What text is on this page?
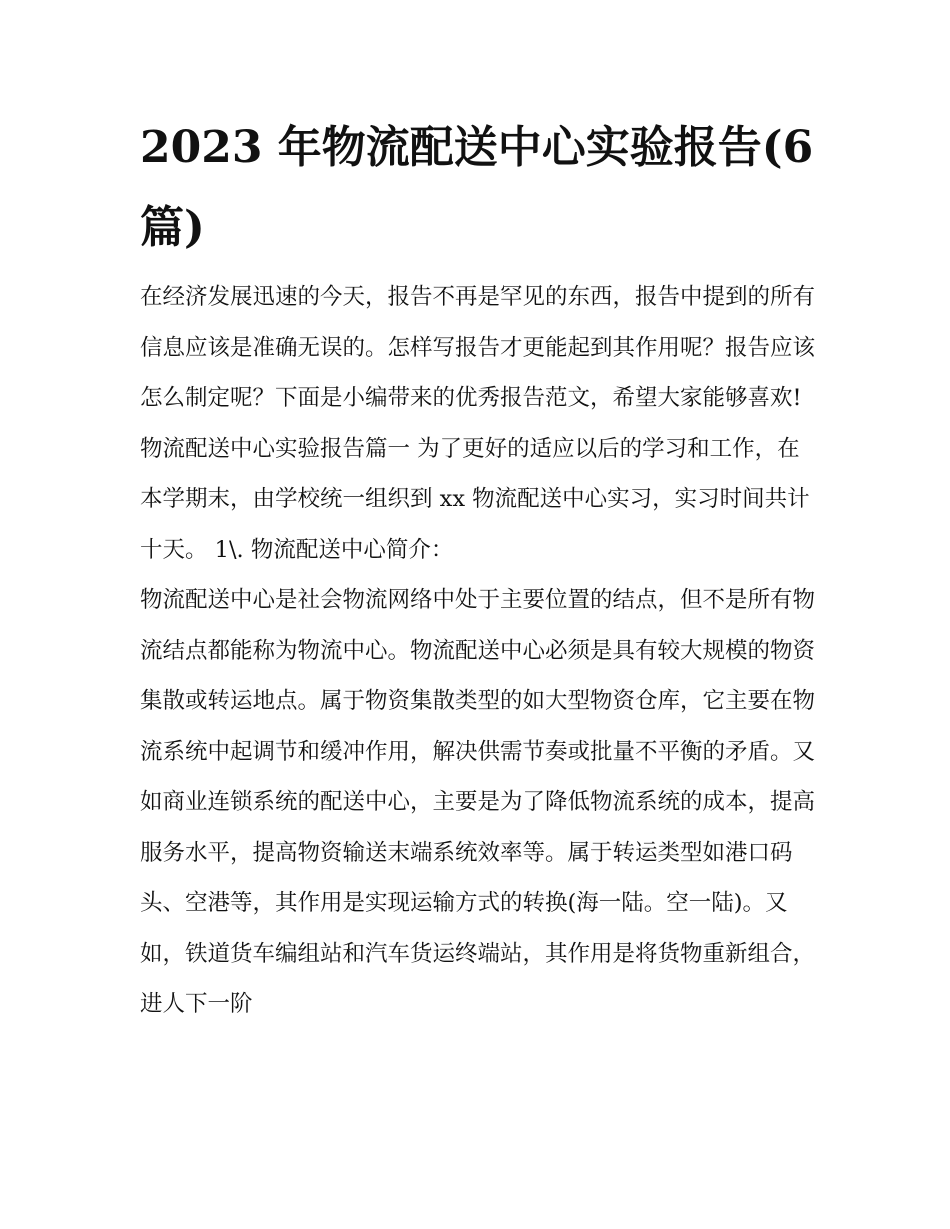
2023 年物流配送中心实验报告(6 篇)

在经济发展迅速的今天，报告不再是罕见的东西，报告中提到的所有信息应该是准确无误的。怎样写报告才更能起到其作用呢？报告应该怎么制定呢？下面是小编带来的优秀报告范文，希望大家能够喜欢!

物流配送中心实验报告篇一 为了更好的适应以后的学习和工作，在本学期末，由学校统一组织到 xx 物流配送中心实习，实习时间共计十天。 1\. 物流配送中心简介：

物流配送中心是社会物流网络中处于主要位置的结点，但不是所有物流结点都能称为物流中心。物流配送中心必须是具有较大规模的物资集散或转运地点。属于物资集散类型的如大型物资仓库，它主要在物流系统中起调节和缓冲作用，解决供需节奏或批量不平衡的矛盾。又如商业连锁系统的配送中心，主要是为了降低物流系统的成本，提高服务水平，提高物资输送末端系统效率等。属于转运类型如港口码头、空港等，其作用是实现运输方式的转换(海一陆。空一陆)。又如，铁道货车编组站和汽车货运终端站，其作用是将货物重新组合，进人下一阶
